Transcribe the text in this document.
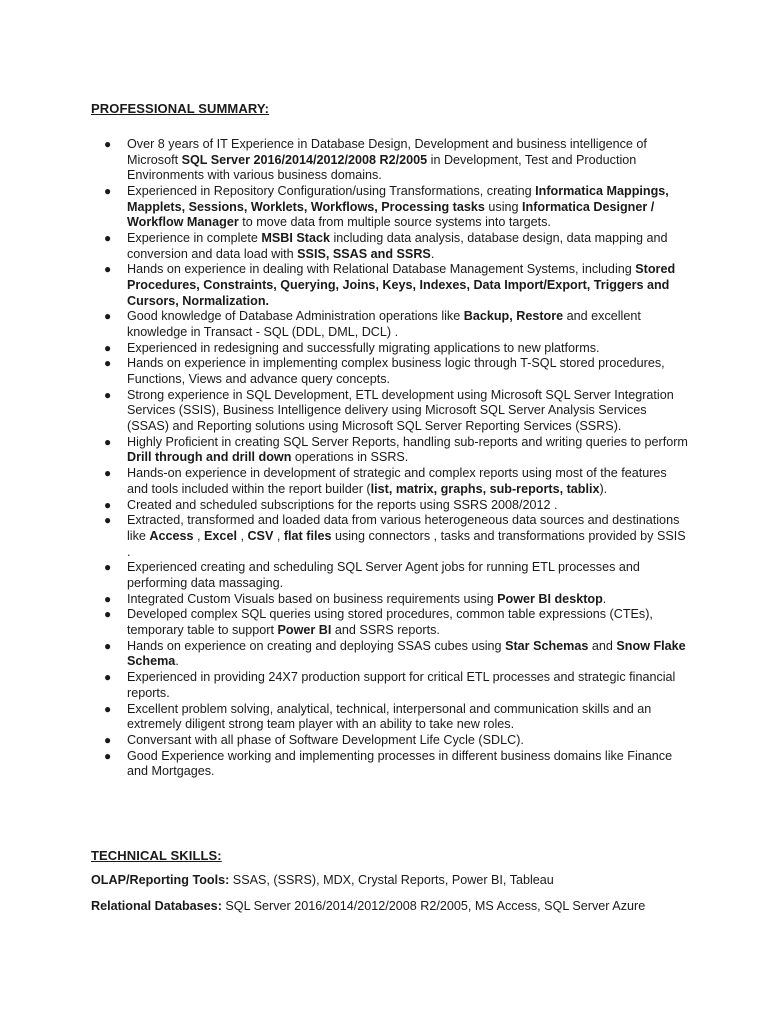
PROFESSIONAL SUMMARY:
● Over 8 years of IT Experience in Database Design, Development and business intelligence of Microsoft SQL Server 2016/2014/2012/2008 R2/2005 in Development, Test and Production Environments with various business domains.
● Experienced in Repository Configuration/using Transformations, creating Informatica Mappings, Mapplets, Sessions, Worklets, Workflows, Processing tasks using Informatica Designer / Workflow Manager to move data from multiple source systems into targets.
● Experience in complete MSBI Stack including data analysis, database design, data mapping and conversion and data load with SSIS, SSAS and SSRS.
● Hands on experience in dealing with Relational Database Management Systems, including Stored Procedures, Constraints, Querying, Joins, Keys, Indexes, Data Import/Export, Triggers and Cursors, Normalization.
● Good knowledge of Database Administration operations like Backup, Restore and excellent knowledge in Transact - SQL (DDL, DML, DCL) .
● Experienced in redesigning and successfully migrating applications to new platforms.
● Hands on experience in implementing complex business logic through T-SQL stored procedures, Functions, Views and advance query concepts.
● Strong experience in SQL Development, ETL development using Microsoft SQL Server Integration Services (SSIS), Business Intelligence delivery using Microsoft SQL Server Analysis Services (SSAS) and Reporting solutions using Microsoft SQL Server Reporting Services (SSRS).
● Highly Proficient in creating SQL Server Reports, handling sub-reports and writing queries to perform Drill through and drill down operations in SSRS.
● Hands-on experience in development of strategic and complex reports using most of the features and tools included within the report builder (list, matrix, graphs, sub-reports, tablix).
● Created and scheduled subscriptions for the reports using SSRS 2008/2012 .
● Extracted, transformed and loaded data from various heterogeneous data sources and destinations like Access , Excel , CSV , flat files using connectors , tasks and transformations provided by SSIS .
● Experienced creating and scheduling SQL Server Agent jobs for running ETL processes and performing data massaging.
● Integrated Custom Visuals based on business requirements using Power BI desktop.
● Developed complex SQL queries using stored procedures, common table expressions (CTEs), temporary table to support Power BI and SSRS reports.
● Hands on experience on creating and deploying SSAS cubes using Star Schemas and Snow Flake Schema.
● Experienced in providing 24X7 production support for critical ETL processes and strategic financial reports.
● Excellent problem solving, analytical, technical, interpersonal and communication skills and an extremely diligent strong team player with an ability to take new roles.
● Conversant with all phase of Software Development Life Cycle (SDLC).
● Good Experience working and implementing processes in different business domains like Finance and Mortgages.
TECHNICAL SKILLS:
OLAP/Reporting Tools: SSAS, (SSRS), MDX, Crystal Reports, Power BI, Tableau
Relational Databases: SQL Server 2016/2014/2012/2008 R2/2005, MS Access, SQL Server Azure
